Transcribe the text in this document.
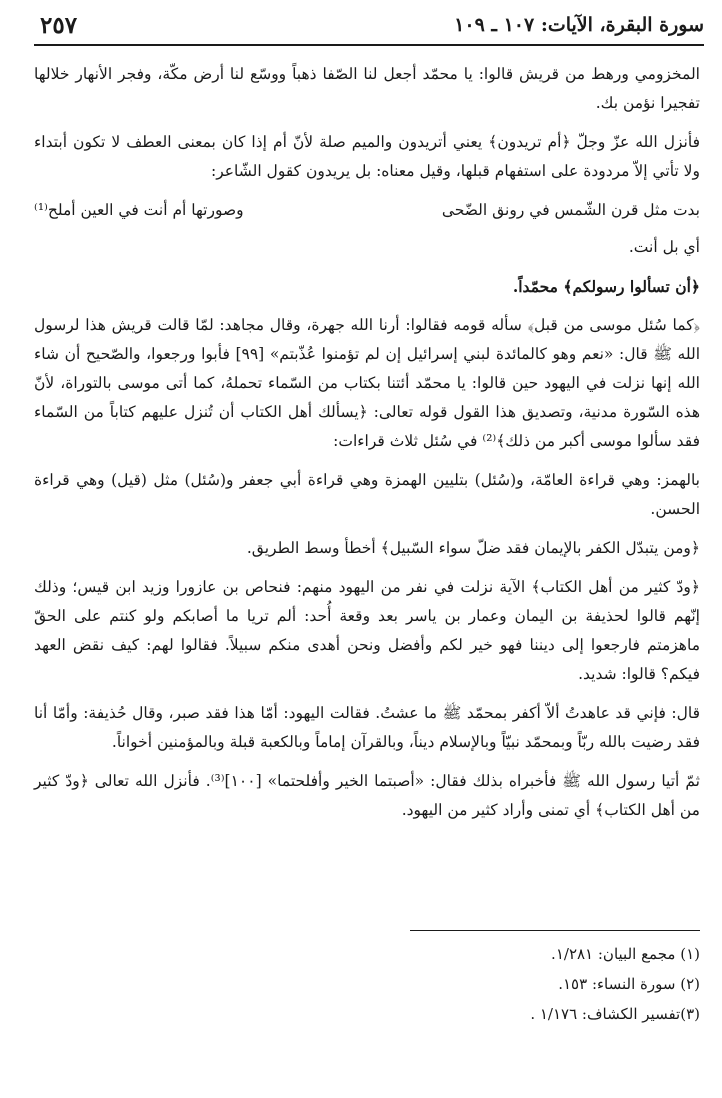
٢٥٧	سورة البقرة، الآيات: ١٠٧ ـ ١٠٩

المخزومي ورهط من قريش قالوا: يا محمّد أجعل لنا الصّفا ذهباً ووسّع لنا أرض مكّة، وفجر الأنهار خلالها تفجيرا نؤمن بك.

فأنزل الله عزّ وجلّ ﴿أم تريدون﴾ يعني أتريدون والميم صلة لأنّ أم إذا كان بمعنى العطف لا تكون أبتداء ولا تأتي إلاّ مردودة على استفهام قبلها، وقيل معناه: بل يريدون كقول الشّاعر:

بدت مثل قرن الشّمس في رونق الضّحى
وصورتها أم أنت في العين أملح⁽¹⁾

أي بل أنت.

﴿أن تسألوا رسولكم﴾ محمّداً.

﴿كما سُئل موسى من قبل﴾ سأله قومه فقالوا: أرنا الله جهرة، وقال مجاهد: لمّا قالت قريش هذا لرسول الله ﷺ قال: «نعم وهو كالمائدة لبني إسرائيل إن لم تؤمنوا عُذّبتم» [٩٩] فأبوا ورجعوا، والصّحيح أن شاء الله إنها نزلت في اليهود حين قالوا: يا محمّد أئتنا بكتاب من السّماء تحملهُ، كما أتى موسى بالتوراة، لأنّ هذه السّورة مدنية، وتصديق هذا القول قوله تعالى: ﴿يسألك أهل الكتاب أن تُنزل عليهم كتاباً من السّماء فقد سألوا موسى أكبر من ذلك﴾⁽²⁾ في سُئل ثلاث قراءات:

بالهمز: وهي قراءة العامّة، و(سُئل) بتليين الهمزة وهي قراءة أبي جعفر و(سُئل) مثل (قيل) وهي قراءة الحسن.

﴿ومن يتبدّل الكفر بالإيمان فقد ضلّ سواء السّبيل﴾ أخطأ وسط الطريق.

﴿ودّ كثير من أهل الكتاب﴾ الآية نزلت في نفر من اليهود منهم: فنحاص بن عازورا وزيد ابن قيس؛ وذلك إنّهم قالوا لحذيفة بن اليمان وعمار بن ياسر بعد وقعة أُحد: ألم تريا ما أصابكم ولو كنتم على الحقّ ماهزمتم فارجعوا إلى ديننا فهو خير لكم وأفضل ونحن أهدى منكم سبيلاً. فقالوا لهم: كيف نقض العهد فيكم؟ قالوا: شديد.

قال: فإني قد عاهدتُ ألاّ أكفر بمحمّد ﷺ ما عشتُ. فقالت اليهود: أمّا هذا فقد صبر، وقال حُذيفة: وأمّا أنا فقد رضيت بالله ربّاً وبمحمّد نبيّاً وبالإسلام ديناً، وبالقرآن إماماً وبالكعبة قبلة وبالمؤمنين أخواناً.

ثمّ أتيا رسول الله ﷺ فأخبراه بذلك فقال: «أصبتما الخير وأفلحتما» [١٠٠]⁽³⁾. فأنزل الله تعالى ﴿ودّ كثير من أهل الكتاب﴾ أي تمنى وأراد كثير من اليهود.

(١) مجمع البيان: ١/٢٨١.
(٢) سورة النساء: ١٥٣.
(٣)تفسير الكشاف: ١/١٧٦ .
